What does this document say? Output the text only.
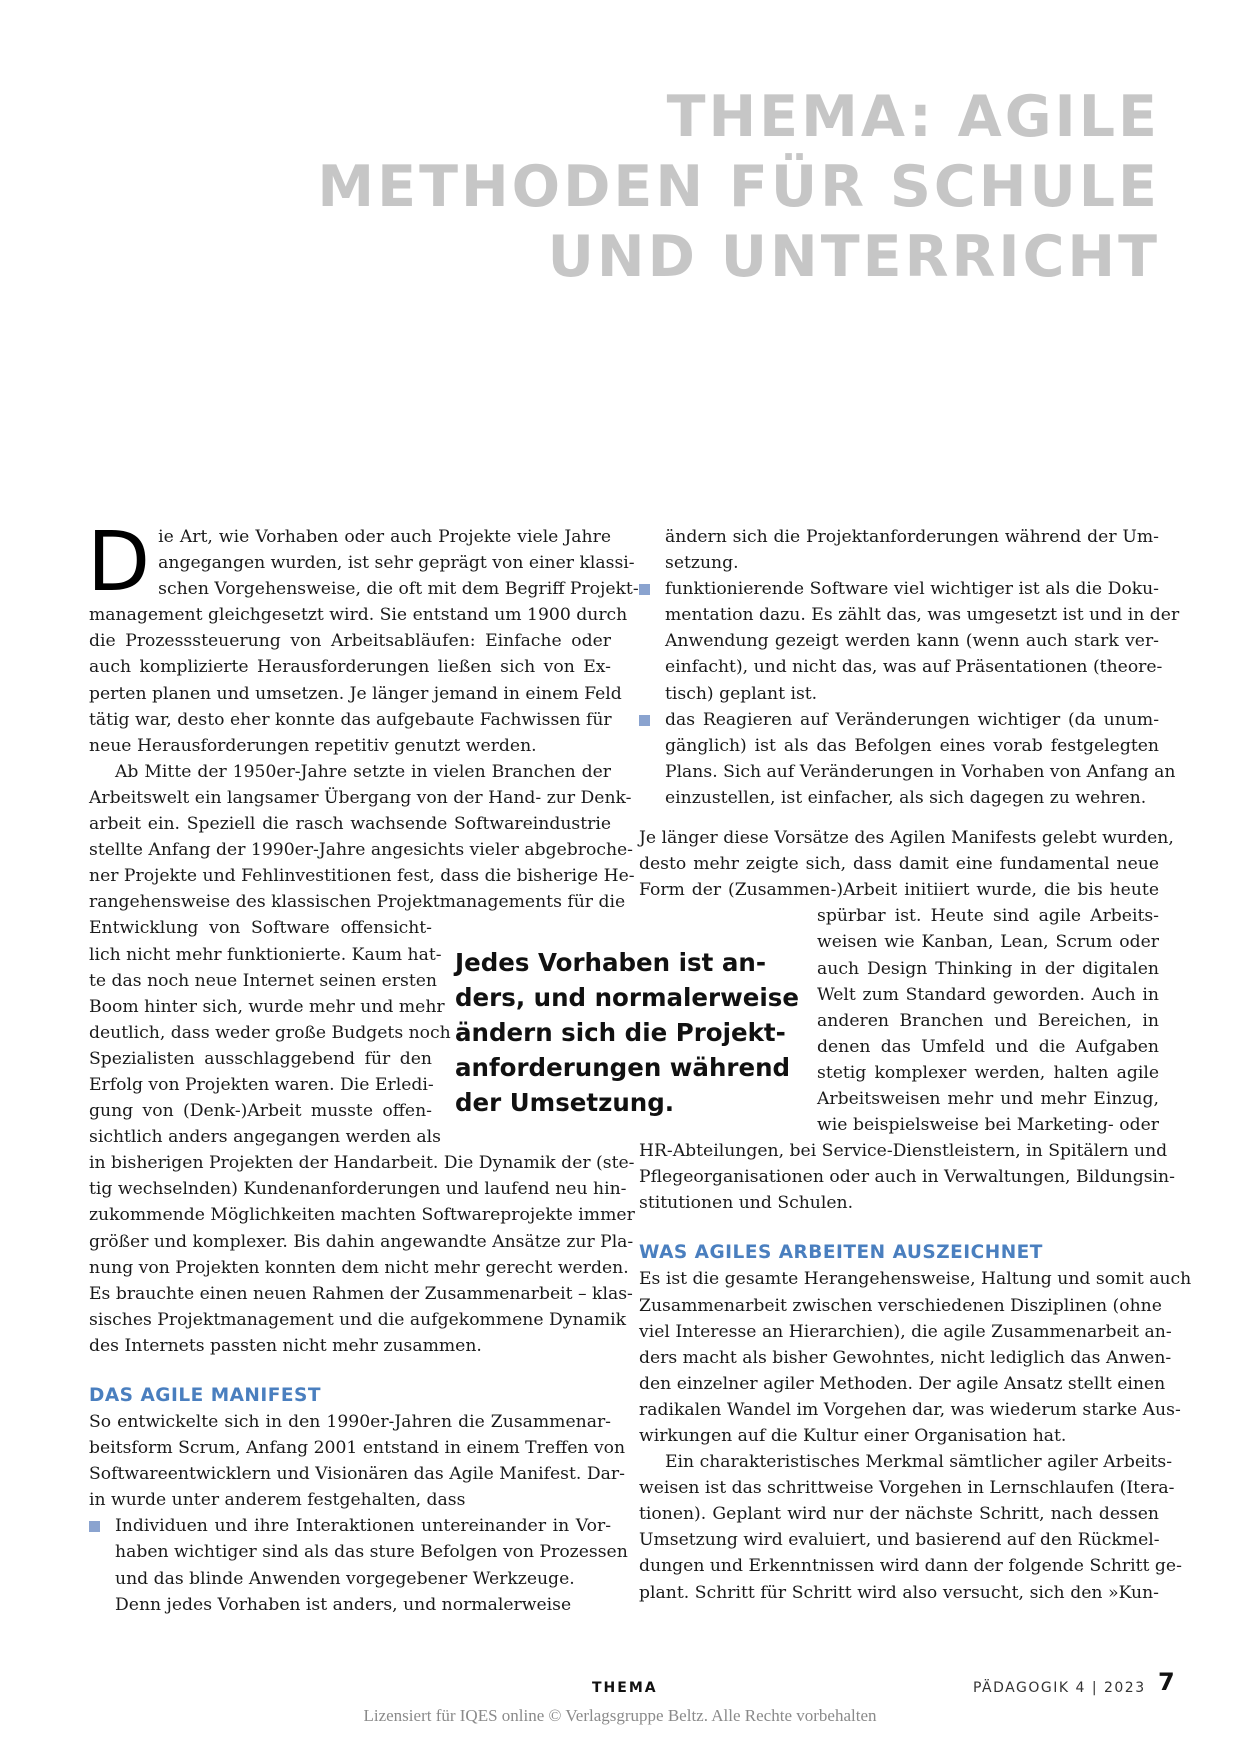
THEMA: AGILE
METHODEN FÜR SCHULE
UND UNTERRICHT
D ie Art, wie Vorhaben oder auch Projekte viele Jahre
angegangen wurden, ist sehr geprägt von einer klassi-
schen Vorgehensweise, die oft mit dem Begriff Projekt-
management gleichgesetzt wird. Sie entstand um 1900 durch
die Prozesssteuerung von Arbeitsabläufen: Einfache oder
auch komplizierte Herausforderungen ließen sich von Ex-
perten planen und umsetzen. Je länger jemand in einem Feld
tätig war, desto eher konnte das aufgebaute Fachwissen für
neue Herausforderungen repetitiv genutzt werden.
Ab Mitte der 1950er-Jahre setzte in vielen Branchen der
Arbeitswelt ein langsamer Übergang von der Hand- zur Denk-
arbeit ein. Speziell die rasch wachsende Softwareindustrie
stellte Anfang der 1990er-Jahre angesichts vieler abgebroche-
ner Projekte und Fehlinvestitionen fest, dass die bisherige He-
rangehensweise des klassischen Projektmanagements für die
Entwicklung von Software offensicht-
lich nicht mehr funktionierte. Kaum hat-
te das noch neue Internet seinen ersten
Boom hinter sich, wurde mehr und mehr
deutlich, dass weder große Budgets noch
Spezialisten ausschlaggebend für den
Erfolg von Projekten waren. Die Erledi-
gung von (Denk-)Arbeit musste offen-
sichtlich anders angegangen werden als
in bisherigen Projekten der Handarbeit. Die Dynamik der (ste-
tig wechselnden) Kundenanforderungen und laufend neu hin-
zukommende Möglichkeiten machten Softwareprojekte immer
größer und komplexer. Bis dahin angewandte Ansätze zur Pla-
nung von Projekten konnten dem nicht mehr gerecht werden.
Es brauchte einen neuen Rahmen der Zusammenarbeit – klas-
sisches Projektmanagement und die aufgekommene Dynamik
des Internets passten nicht mehr zusammen.
DAS AGILE MANIFEST
So entwickelte sich in den 1990er-Jahren die Zusammenar-
beitsform Scrum, Anfang 2001 entstand in einem Treffen von
Softwareentwicklern und Visionären das Agile Manifest. Dar-
in wurde unter anderem festgehalten, dass
Individuen und ihre Interaktionen untereinander in Vor-
haben wichtiger sind als das sture Befolgen von Prozessen
und das blinde Anwenden vorgegebener Werkzeuge.
Denn jedes Vorhaben ist anders, und normalerweise
ändern sich die Projektanforderungen während der Um-
setzung.
funktionierende Software viel wichtiger ist als die Doku-
mentation dazu. Es zählt das, was umgesetzt ist und in der
Anwendung gezeigt werden kann (wenn auch stark ver-
einfacht), und nicht das, was auf Präsentationen (theore-
tisch) geplant ist.
das Reagieren auf Veränderungen wichtiger (da unum-
gänglich) ist als das Befolgen eines vorab festgelegten
Plans. Sich auf Veränderungen in Vorhaben von Anfang an
einzustellen, ist einfacher, als sich dagegen zu wehren.
Je länger diese Vorsätze des Agilen Manifests gelebt wurden,
desto mehr zeigte sich, dass damit eine fundamental neue
Form der (Zusammen-)Arbeit initiiert wurde, die bis heute
spürbar ist. Heute sind agile Arbeits-
weisen wie Kanban, Lean, Scrum oder
auch Design Thinking in der digitalen
Welt zum Standard geworden. Auch in
anderen Branchen und Bereichen, in
denen das Umfeld und die Aufgaben
stetig komplexer werden, halten agile
Arbeitsweisen mehr und mehr Einzug,
wie beispielsweise bei Marketing- oder
HR-Abteilungen, bei Service-Dienstleistern, in Spitälern und
Pflegeorganisationen oder auch in Verwaltungen, Bildungsin-
stitutionen und Schulen.
WAS AGILES ARBEITEN AUSZEICHNET
Es ist die gesamte Herangehensweise, Haltung und somit auch
Zusammenarbeit zwischen verschiedenen Disziplinen (ohne
viel Interesse an Hierarchien), die agile Zusammenarbeit an-
ders macht als bisher Gewohntes, nicht lediglich das Anwen-
den einzelner agiler Methoden. Der agile Ansatz stellt einen
radikalen Wandel im Vorgehen dar, was wiederum starke Aus-
wirkungen auf die Kultur einer Organisation hat.
Ein charakteristisches Merkmal sämtlicher agiler Arbeits-
weisen ist das schrittweise Vorgehen in Lernschlaufen (Itera-
tionen). Geplant wird nur der nächste Schritt, nach dessen
Umsetzung wird evaluiert, und basierend auf den Rückmel-
dungen und Erkenntnissen wird dann der folgende Schritt ge-
plant. Schritt für Schritt wird also versucht, sich den »Kun-
Jedes Vorhaben ist an-
ders, und normalerweise
ändern sich die Projekt-
anforderungen während
der Umsetzung.
THEMA	PÄDAGOGIK 4 | 2023 7
Lizensiert für IQES online © Verlagsgruppe Beltz. Alle Rechte vorbehalten
